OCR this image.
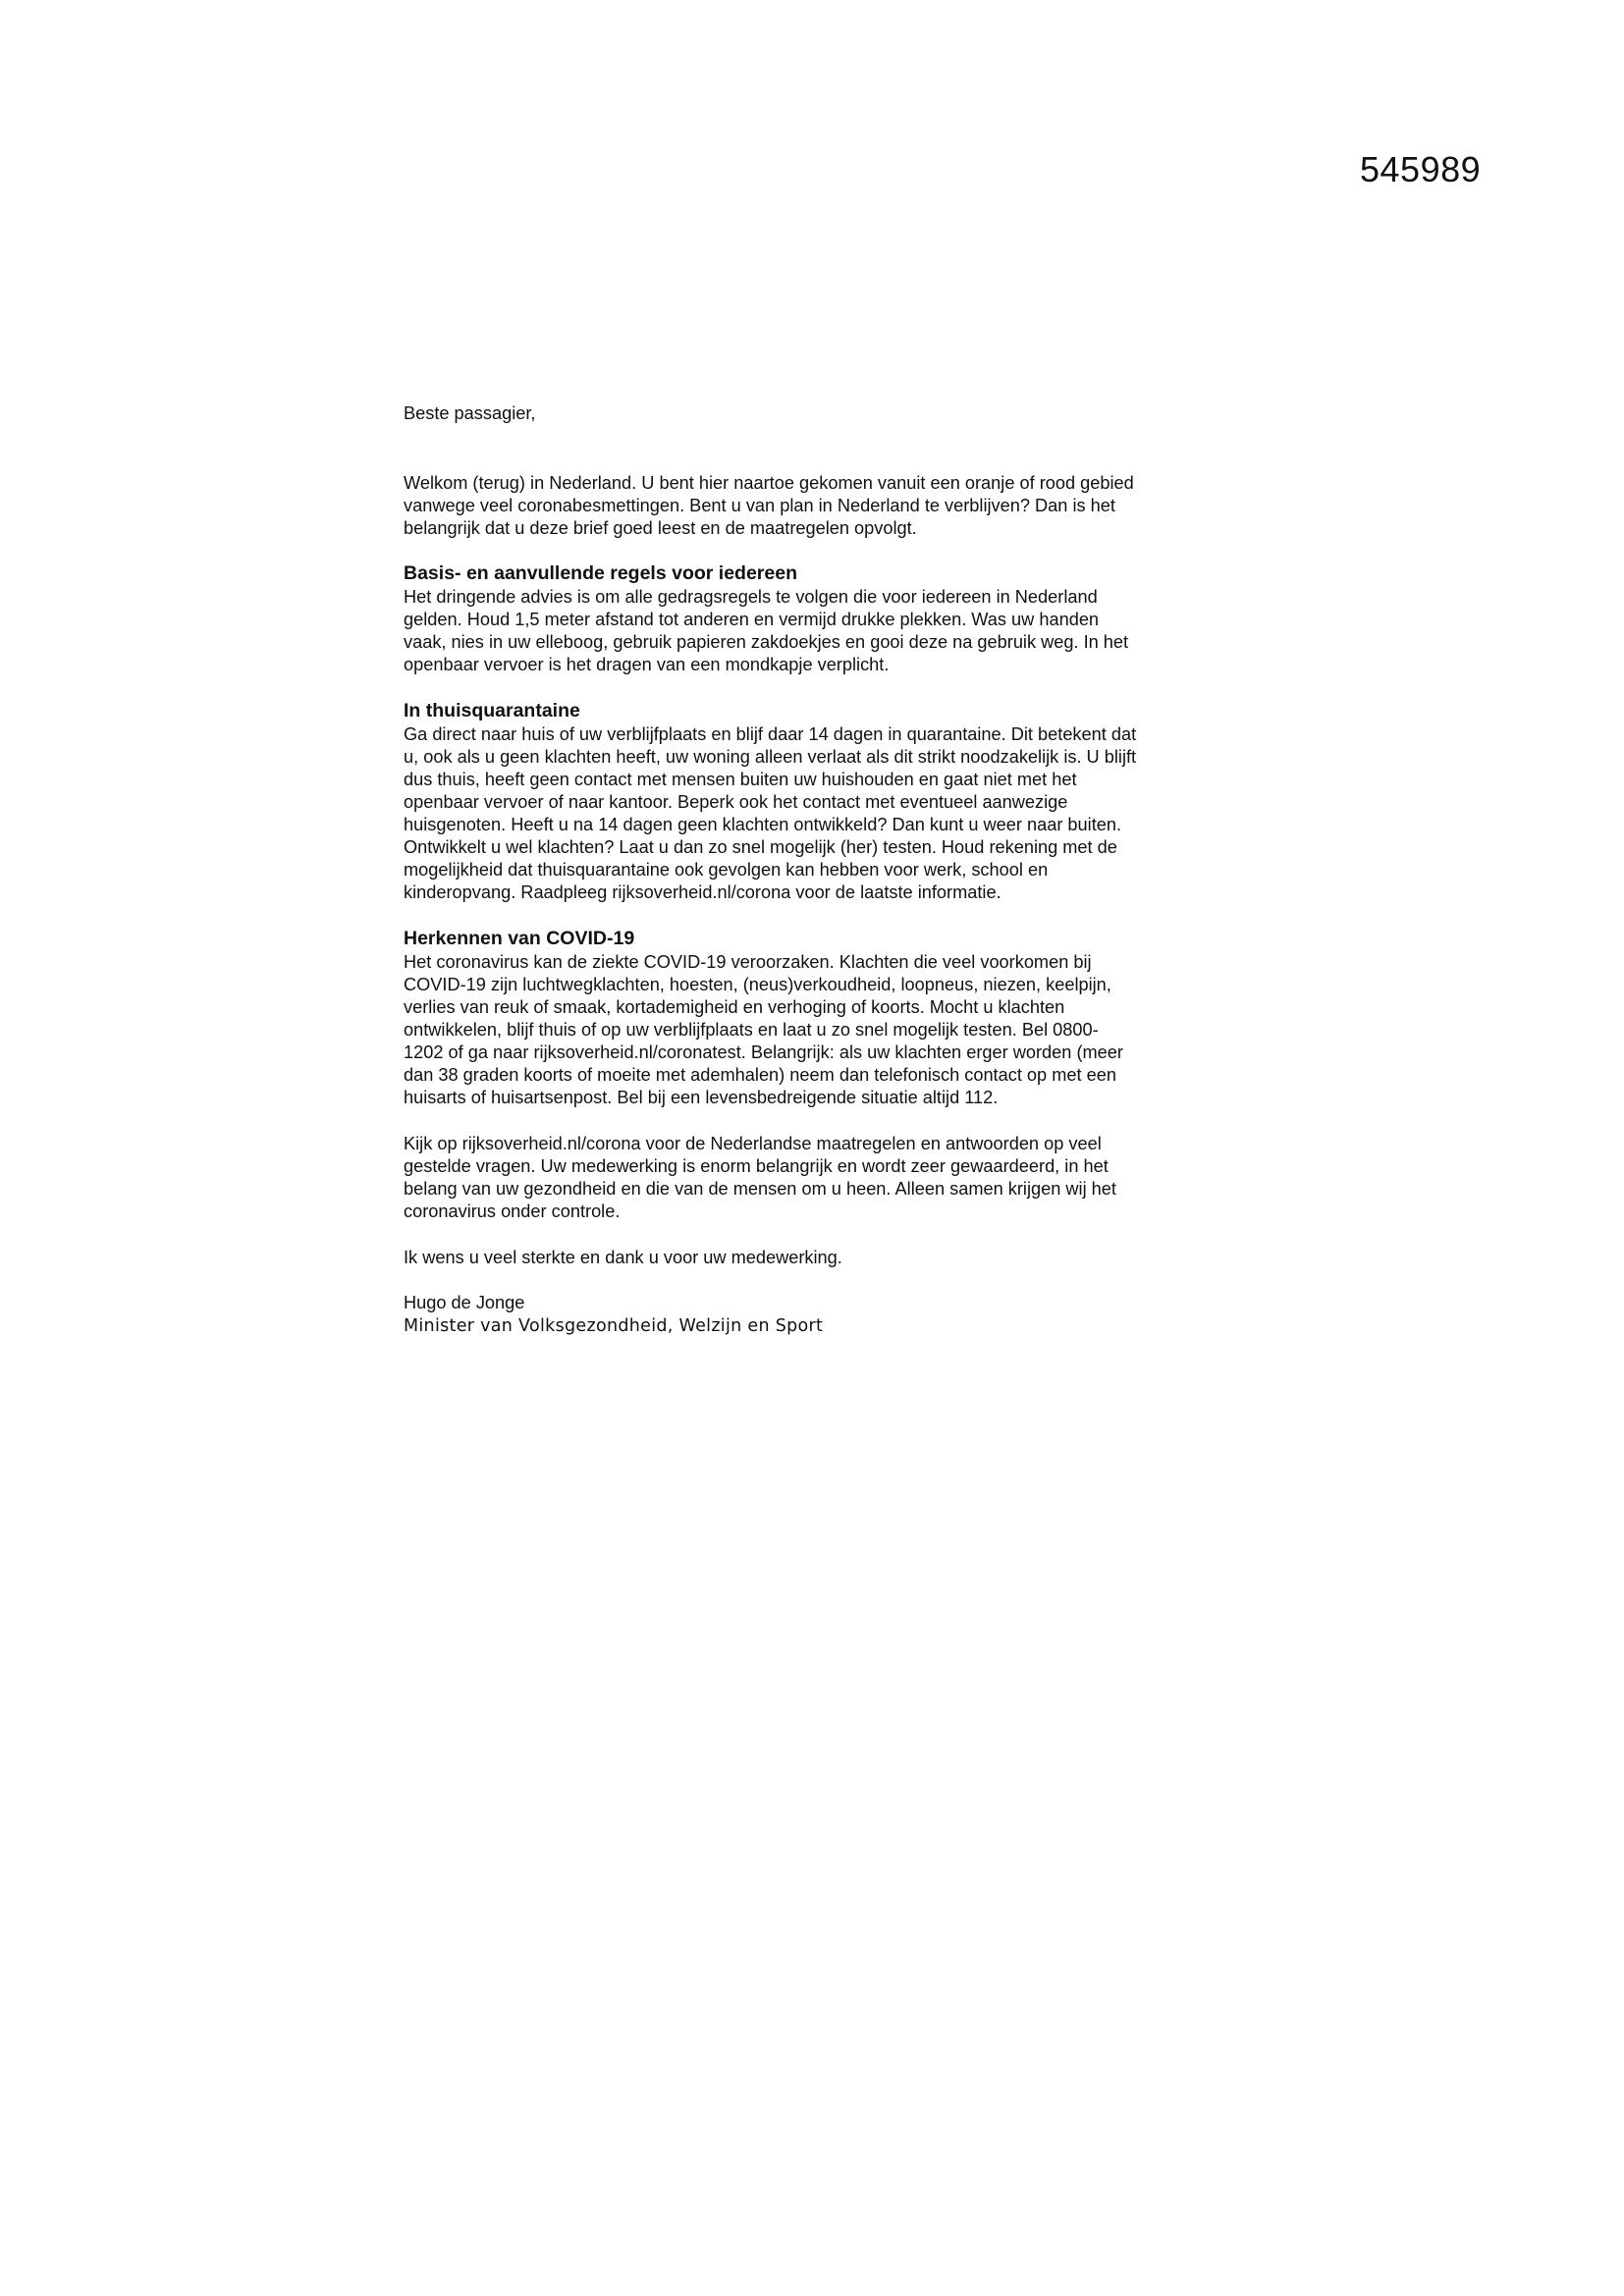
545989
Beste passagier,
Welkom (terug) in Nederland. U bent hier naartoe gekomen vanuit een oranje of rood gebied
vanwege veel coronabesmettingen. Bent u van plan in Nederland te verblijven? Dan is het
belangrijk dat u deze brief goed leest en de maatregelen opvolgt.
Basis- en aanvullende regels voor iedereen
Het dringende advies is om alle gedragsregels te volgen die voor iedereen in Nederland
gelden. Houd 1,5 meter afstand tot anderen en vermijd drukke plekken. Was uw handen
vaak, nies in uw elleboog, gebruik papieren zakdoekjes en gooi deze na gebruik weg. In het
openbaar vervoer is het dragen van een mondkapje verplicht.
In thuisquarantaine
Ga direct naar huis of uw verblijfplaats en blijf daar 14 dagen in quarantaine. Dit betekent dat
u, ook als u geen klachten heeft, uw woning alleen verlaat als dit strikt noodzakelijk is. U blijft
dus thuis, heeft geen contact met mensen buiten uw huishouden en gaat niet met het
openbaar vervoer of naar kantoor. Beperk ook het contact met eventueel aanwezige
huisgenoten. Heeft u na 14 dagen geen klachten ontwikkeld? Dan kunt u weer naar buiten.
Ontwikkelt u wel klachten? Laat u dan zo snel mogelijk (her) testen. Houd rekening met de
mogelijkheid dat thuisquarantaine ook gevolgen kan hebben voor werk, school en
kinderopvang. Raadpleeg rijksoverheid.nl/corona voor de laatste informatie.
Herkennen van COVID-19
Het coronavirus kan de ziekte COVID-19 veroorzaken. Klachten die veel voorkomen bij
COVID-19 zijn luchtwegklachten, hoesten, (neus)verkoudheid, loopneus, niezen, keelpijn,
verlies van reuk of smaak, kortademigheid en verhoging of koorts. Mocht u klachten
ontwikkelen, blijf thuis of op uw verblijfplaats en laat u zo snel mogelijk testen. Bel 0800-
1202 of ga naar rijksoverheid.nl/coronatest. Belangrijk: als uw klachten erger worden (meer
dan 38 graden koorts of moeite met ademhalen) neem dan telefonisch contact op met een
huisarts of huisartsenpost. Bel bij een levensbedreigende situatie altijd 112.
Kijk op rijksoverheid.nl/corona voor de Nederlandse maatregelen en antwoorden op veel
gestelde vragen. Uw medewerking is enorm belangrijk en wordt zeer gewaardeerd, in het
belang van uw gezondheid en die van de mensen om u heen. Alleen samen krijgen wij het
coronavirus onder controle.
Ik wens u veel sterkte en dank u voor uw medewerking.
Hugo de Jonge
Minister van Volksgezondheid, Welzijn en Sport
